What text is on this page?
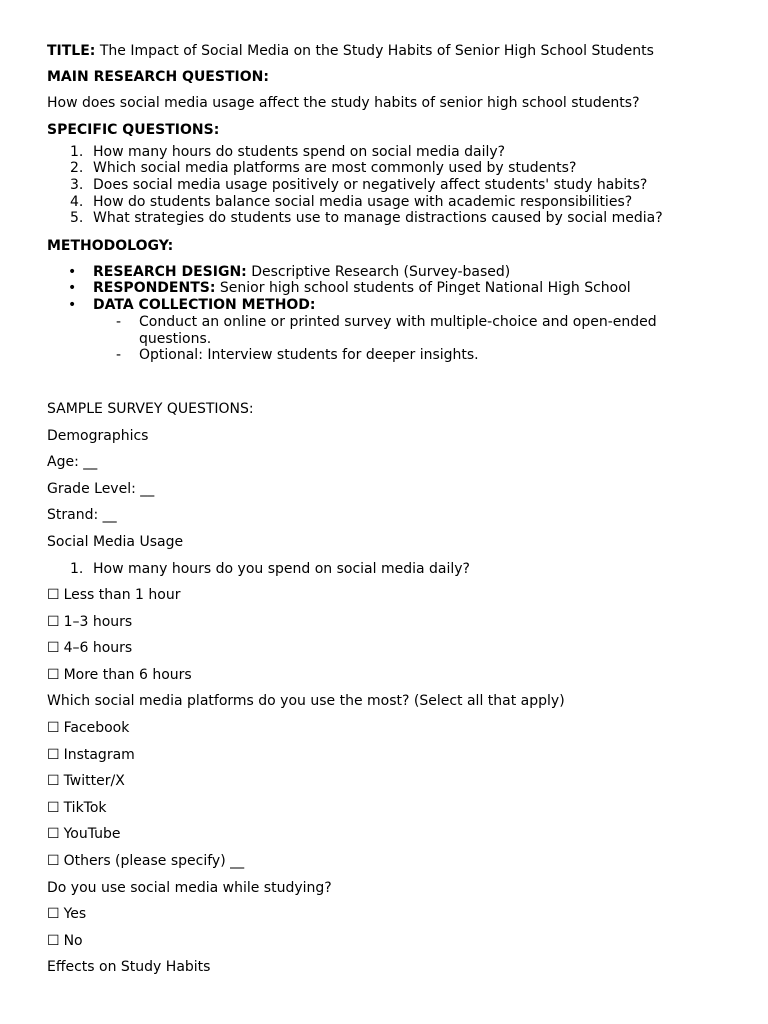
TITLE: The Impact of Social Media on the Study Habits of Senior High School Students

MAIN RESEARCH QUESTION:

How does social media usage affect the study habits of senior high school students?

SPECIFIC QUESTIONS:

1. How many hours do students spend on social media daily?
2. Which social media platforms are most commonly used by students?
3. Does social media usage positively or negatively affect students' study habits?
4. How do students balance social media usage with academic responsibilities?
5. What strategies do students use to manage distractions caused by social media?

METHODOLOGY:

• RESEARCH DESIGN: Descriptive Research (Survey-based)
• RESPONDENTS: Senior high school students of Pinget National High School
• DATA COLLECTION METHOD:
- Conduct an online or printed survey with multiple-choice and open-ended questions.
- Optional: Interview students for deeper insights.

SAMPLE SURVEY QUESTIONS:

Demographics

Age: __

Grade Level: __

Strand: __

Social Media Usage

1. How many hours do you spend on social media daily?

☐ Less than 1 hour

☐ 1–3 hours

☐ 4–6 hours

☐ More than 6 hours

Which social media platforms do you use the most? (Select all that apply)

☐ Facebook

☐ Instagram

☐ Twitter/X

☐ TikTok

☐ YouTube

☐ Others (please specify) __

Do you use social media while studying?

☐ Yes

☐ No

Effects on Study Habits
